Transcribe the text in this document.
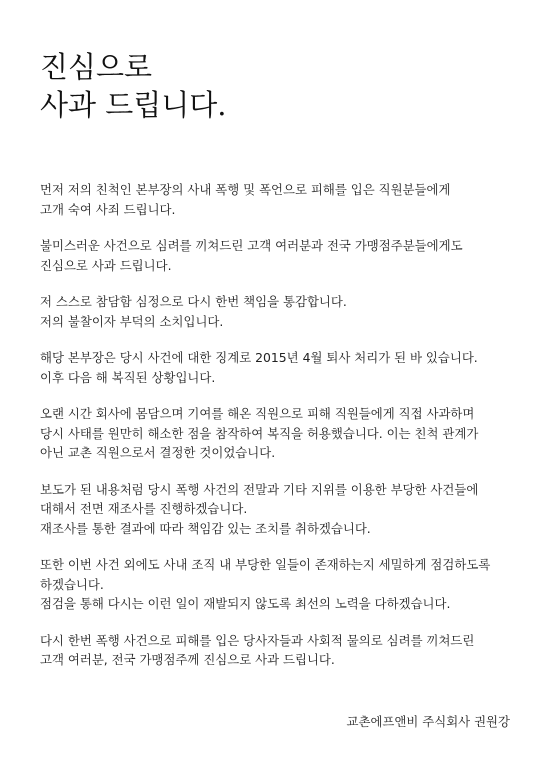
진심으로
사과 드립니다.

먼저 저의 친척인 본부장의 사내 폭행 및 폭언으로 피해를 입은 직원분들에게
고개 숙여 사죄 드립니다.

불미스러운 사건으로 심려를 끼쳐드린 고객 여러분과 전국 가맹점주분들에게도
진심으로 사과 드립니다.

저 스스로 참담함 심정으로 다시 한번 책임을 통감합니다.
저의 불찰이자 부덕의 소치입니다.

해당 본부장은 당시 사건에 대한 징계로 2015년 4월 퇴사 처리가 된 바 있습니다.
이후 다음 해 복직된 상황입니다.

오랜 시간 회사에 몸담으며 기여를 해온 직원으로 피해 직원들에게 직접 사과하며
당시 사태를 원만히 해소한 점을 참작하여 복직을 허용했습니다. 이는 친척 관계가
아닌 교촌 직원으로서 결정한 것이었습니다.

보도가 된 내용처럼 당시 폭행 사건의 전말과 기타 지위를 이용한 부당한 사건들에
대해서 전면 재조사를 진행하겠습니다.
재조사를 통한 결과에 따라 책임감 있는 조치를 취하겠습니다.

또한 이번 사건 외에도 사내 조직 내 부당한 일들이 존재하는지 세밀하게 점검하도록
하겠습니다.
점검을 통해 다시는 이런 일이 재발되지 않도록 최선의 노력을 다하겠습니다.

다시 한번 폭행 사건으로 피해를 입은 당사자들과 사회적 물의로 심려를 끼쳐드린
고객 여러분, 전국 가맹점주께 진심으로 사과 드립니다.

교촌에프앤비 주식회사 권원강
